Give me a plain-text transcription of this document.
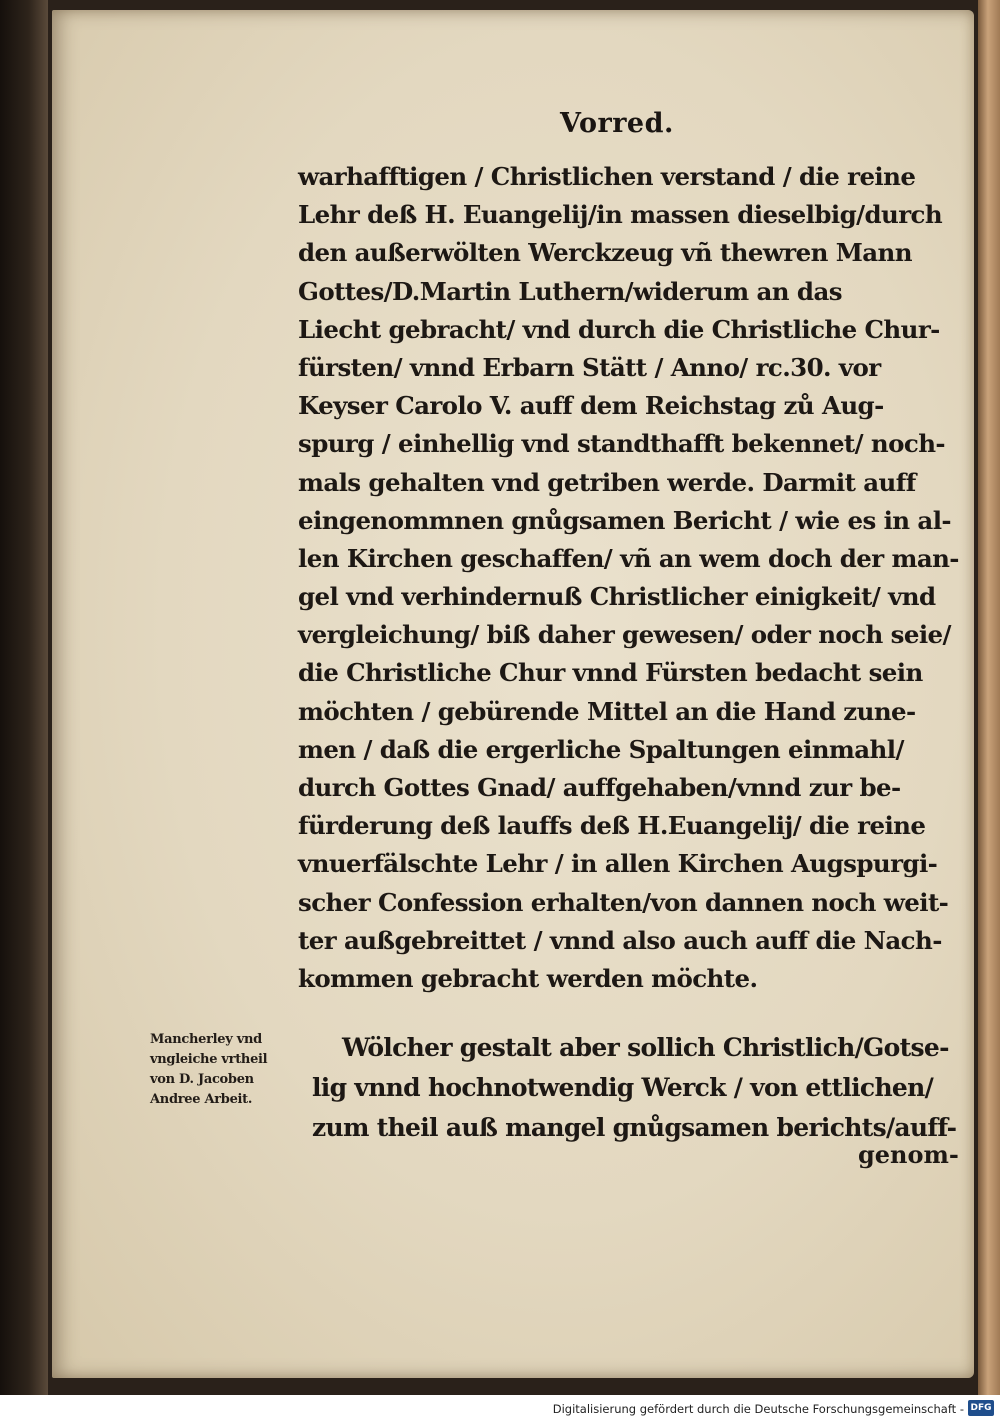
Vorred.
warhafftigen / Christlichen verstand / die reine
Lehr deß H. Euangelij/in massen dieselbig/durch
den außerwölten Werckzeug vñ thewren Mann
Gottes/D.Martin Luthern/widerum an das
Liecht gebracht/ vnd durch die Christliche Chur-
fürsten/ vnnd Erbarn Stätt / Anno/ rc.30. vor
Keyser Carolo V. auff dem Reichstag zů Aug-
spurg / einhellig vnd standthafft bekennet/ noch-
mals gehalten vnd getriben werde. Darmit auff
eingenommnen gnůgsamen Bericht / wie es in al-
len Kirchen geschaffen/ vñ an wem doch der man-
gel vnd verhindernuß Christlicher einigkeit/ vnd
vergleichung/ biß daher gewesen/ oder noch seie/
die Christliche Chur vnnd Fürsten bedacht sein
möchten / gebürende Mittel an die Hand zune-
men / daß die ergerliche Spaltungen einmahl/
durch Gottes Gnad/ auffgehaben/vnnd zur be-
fürderung deß lauffs deß H.Euangelij/ die reine
vnuerfälschte Lehr / in allen Kirchen Augspurgi-
scher Confession erhalten/von dannen noch weit-
ter außgebreittet / vnnd also auch auff die Nach-
kommen gebracht werden möchte.
Mancherley vnd
vngleiche vrtheil
von D. Jacoben
Andree Arbeit.
Wölcher gestalt aber sollich Christlich/Gotse-
lig vnnd hochnotwendig Werck / von ettlichen/
zum theil auß mangel gnůgsamen berichts/auff-
genom-
Digitalisierung gefördert durch die Deutsche Forschungsgemeinschaft - DFG
